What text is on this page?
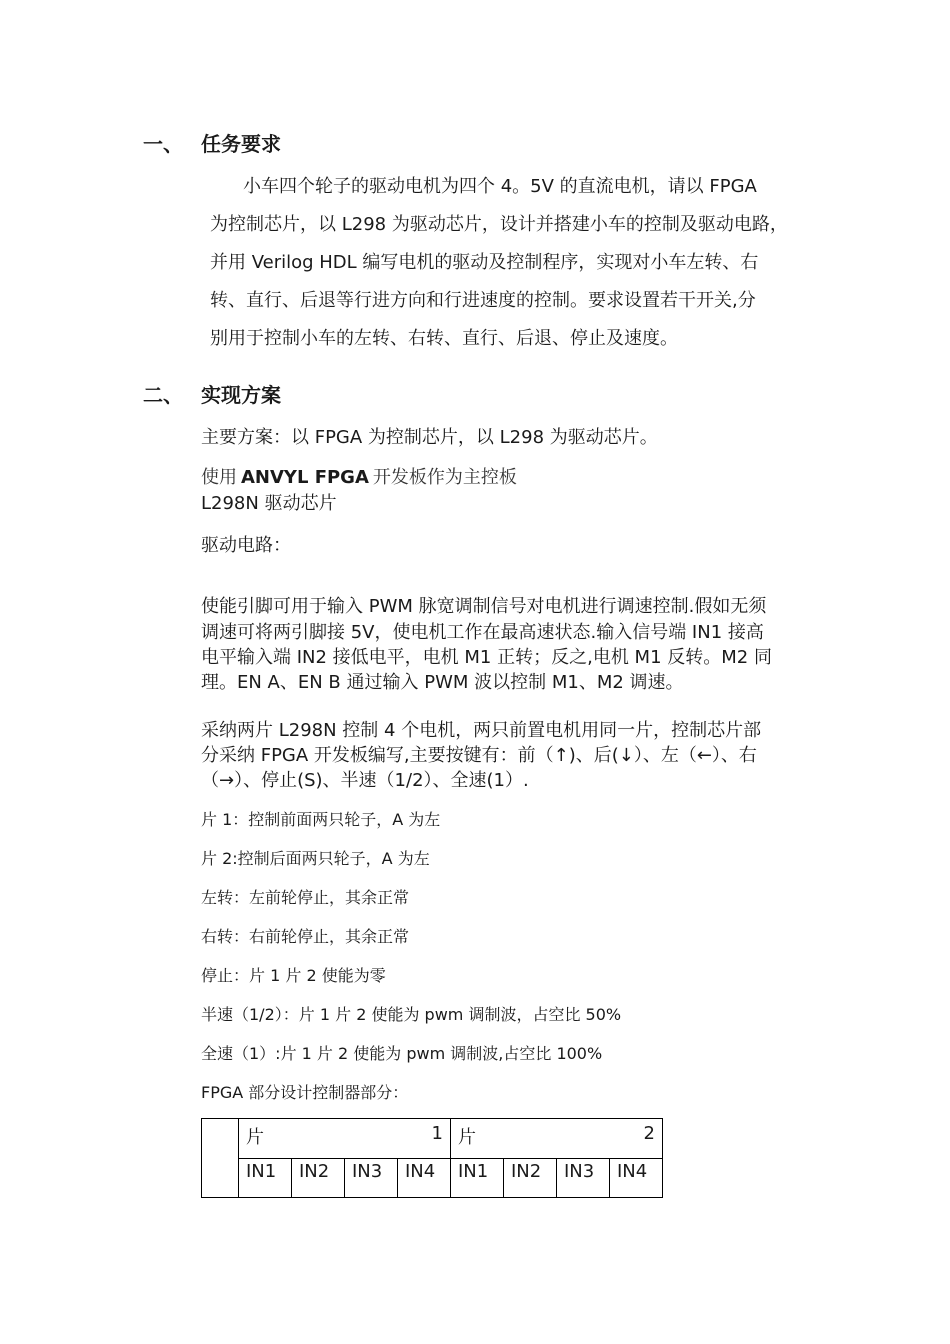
一、 任务要求
小车四个轮子的驱动电机为四个 4。5V 的直流电机，请以 FPGA
为控制芯片，以 L298 为驱动芯片，设计并搭建小车的控制及驱动电路，
并用 Verilog HDL 编写电机的驱动及控制程序，实现对小车左转、右
转、直行、后退等行进方向和行进速度的控制。要求设置若干开关,分
别用于控制小车的左转、右转、直行、后退、停止及速度。
二、 实现方案
主要方案：以 FPGA 为控制芯片，以 L298 为驱动芯片。
使用 ANVYL FPGA 开发板作为主控板
L298N 驱动芯片
驱动电路：
使能引脚可用于输入 PWM 脉宽调制信号对电机进行调速控制.假如无须
调速可将两引脚接 5V，使电机工作在最高速状态.输入信号端 IN1 接高
电平输入端 IN2 接低电平，电机 M1 正转；反之,电机 M1 反转。M2 同
理。EN A、EN B 通过输入 PWM 波以控制 M1、M2 调速。
采纳两片 L298N 控制 4 个电机，两只前置电机用同一片，控制芯片部
分采纳 FPGA 开发板编写,主要按键有：前（↑)、后(↓）、左（←）、右
（→）、停止(S)、半速（1/2）、全速(1）.
片 1：控制前面两只轮子，A 为左
片 2:控制后面两只轮子，A 为左
左转：左前轮停止，其余正常
右转：右前轮停止，其余正常
停止：片 1 片 2 使能为零
半速（1/2）：片 1 片 2 使能为 pwm 调制波，占空比 50%
全速（1）:片 1 片 2 使能为 pwm 调制波,占空比 100%
FPGA 部分设计控制器部分：
	片 1				片 2			

	IN1	IN2	IN3	IN4	IN1	IN2	IN3	IN4
